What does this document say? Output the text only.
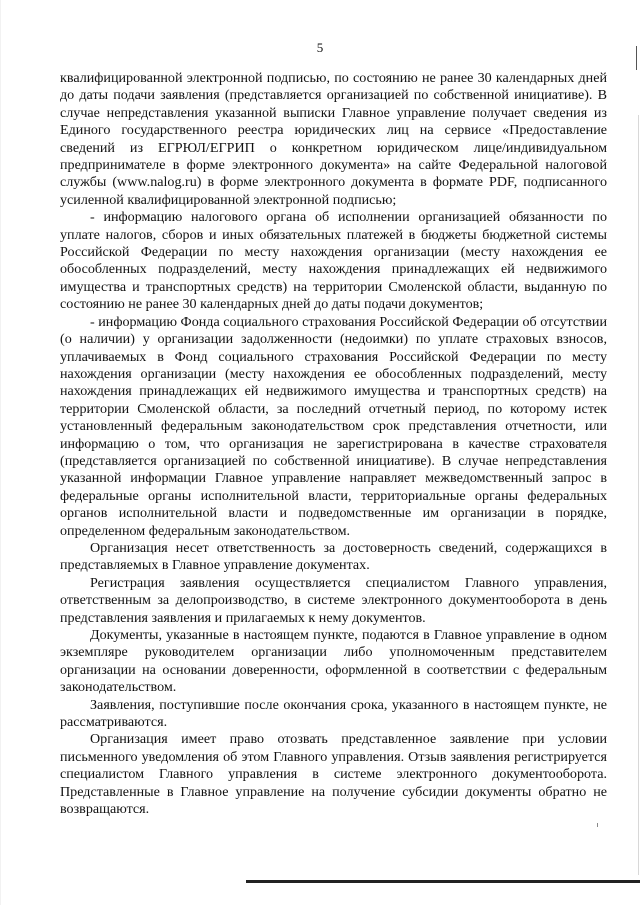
5

квалифицированной электронной подписью, по состоянию не ранее 30 календарных дней до даты подачи заявления (представляется организацией по собственной инициативе). В случае непредставления указанной выписки Главное управление получает сведения из Единого государственного реестра юридических лиц на сервисе «Предоставление сведений из ЕГРЮЛ/ЕГРИП о конкретном юридическом лице/индивидуальном предпринимателе в форме электронного документа» на сайте Федеральной налоговой службы (www.nalog.ru) в форме электронного документа в формате PDF, подписанного усиленной квалифицированной электронной подписью;

- информацию налогового органа об исполнении организацией обязанности по уплате налогов, сборов и иных обязательных платежей в бюджеты бюджетной системы Российской Федерации по месту нахождения организации (месту нахождения ее обособленных подразделений, месту нахождения принадлежащих ей недвижимого имущества и транспортных средств) на территории Смоленской области, выданную по состоянию не ранее 30 календарных дней до даты подачи документов;

- информацию Фонда социального страхования Российской Федерации об отсутствии (о наличии) у организации задолженности (недоимки) по уплате страховых взносов, уплачиваемых в Фонд социального страхования Российской Федерации по месту нахождения организации (месту нахождения ее обособленных подразделений, месту нахождения принадлежащих ей недвижимого имущества и транспортных средств) на территории Смоленской области, за последний отчетный период, по которому истек установленный федеральным законодательством срок представления отчетности, или информацию о том, что организация не зарегистрирована в качестве страхователя (представляется организацией по собственной инициативе). В случае непредставления указанной информации Главное управление направляет межведомственный запрос в федеральные органы исполнительной власти, территориальные органы федеральных органов исполнительной власти и подведомственные им организации в порядке, определенном федеральным законодательством.

Организация несет ответственность за достоверность сведений, содержащихся в представляемых в Главное управление документах.

Регистрация заявления осуществляется специалистом Главного управления, ответственным за делопроизводство, в системе электронного документооборота в день представления заявления и прилагаемых к нему документов.

Документы, указанные в настоящем пункте, подаются в Главное управление в одном экземпляре руководителем организации либо уполномоченным представителем организации на основании доверенности, оформленной в соответствии с федеральным законодательством.

Заявления, поступившие после окончания срока, указанного в настоящем пункте, не рассматриваются.

Организация имеет право отозвать представленное заявление при условии письменного уведомления об этом Главного управления. Отзыв заявления регистрируется специалистом Главного управления в системе электронного документооборота. Представленные в Главное управление на получение субсидии документы обратно не возвращаются.
